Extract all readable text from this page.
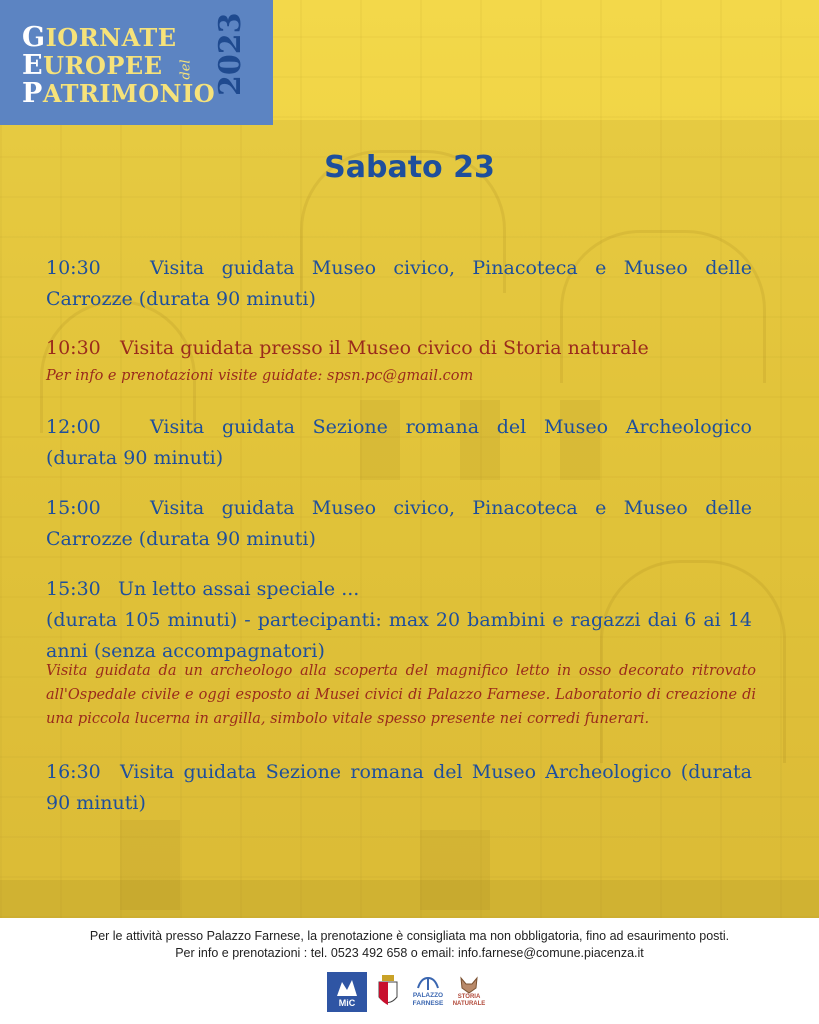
GIORNATE
EUROPEE
PATRIMONIO
del 2023
Sabato 23
10:30	Visita guidata Museo civico, Pinacoteca e Museo delle Carrozze (durata 90 minuti)
10:30 Visita guidata presso il Museo civico di Storia naturale
Per info e prenotazioni visite guidate: spsn.pc@gmail.com
12:00	Visita guidata Sezione romana del Museo Archeologico (durata 90 minuti)
15:00	Visita guidata Museo civico, Pinacoteca e Museo delle Carrozze (durata 90 minuti)
15:30 Un letto assai speciale ...
(durata 105 minuti) - partecipanti: max 20 bambini e ragazzi dai 6 ai 14 anni (senza accompagnatori)
Visita guidata da un archeologo alla scoperta del magnifico letto in osso decorato ritrovato all'Ospedale civile e oggi esposto ai Musei civici di Palazzo Farnese. Laboratorio di creazione di una piccola lucerna in argilla, simbolo vitale spesso presente nei corredi funerari.
16:30 Visita guidata Sezione romana del Museo Archeologico (durata 90 minuti)
Per le attività presso Palazzo Farnese, la prenotazione è consigliata ma non obbligatoria, fino ad esaurimento posti.
Per info e prenotazioni : tel. 0523 492 658 o email: info.farnese@comune.piacenza.it
MiC
PALAZZO
FARNESE
STORIA
NATURALE
